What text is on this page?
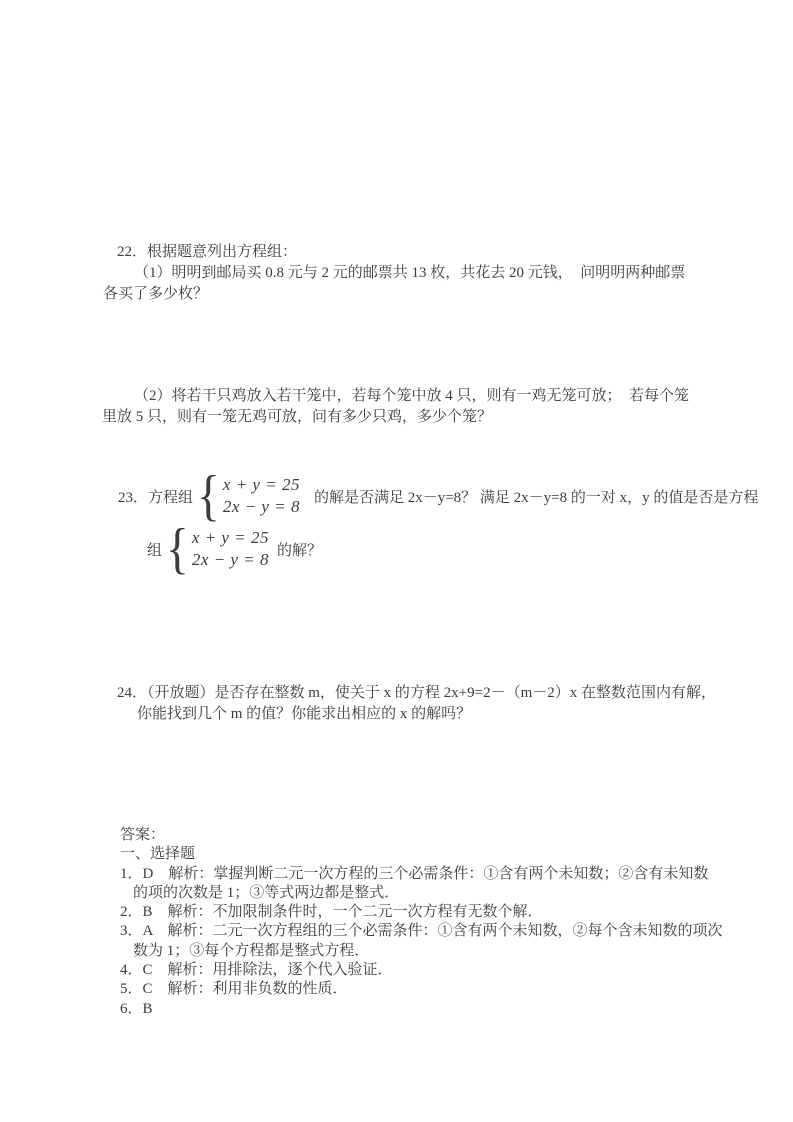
22．根据题意列出方程组：
（1）明明到邮局买 0.8 元与 2 元的邮票共 13 枚，共花去 20 元钱，  问明明两种邮票
各买了多少枚？
（2）将若干只鸡放入若干笼中，若每个笼中放 4 只，则有一鸡无笼可放；  若每个笼
里放 5 只，则有一笼无鸡可放，问有多少只鸡，多少个笼？
23．方程组 { x + y = 25
2x − y = 8 的解是否满足 2x－y=8？ 满足 2x－y=8 的一对 x，y 的值是否是方程
组 { x + y = 25
2x − y = 8 的解？
24．（开放题）是否存在整数 m，使关于 x 的方程 2x+9=2－（m－2）x 在整数范围内有解，
你能找到几个 m 的值？你能求出相应的 x 的解吗？
答案：
一、选择题
1．D　解析：掌握判断二元一次方程的三个必需条件：①含有两个未知数；②含有未知数
的项的次数是 1；③等式两边都是整式．
2．B　解析：不加限制条件时，一个二元一次方程有无数个解．
3．A　解析：二元一次方程组的三个必需条件：①含有两个未知数，②每个含未知数的项次
数为 1；③每个方程都是整式方程．
4．C　解析：用排除法，逐个代入验证．
5．C　解析：利用非负数的性质．
6．B
